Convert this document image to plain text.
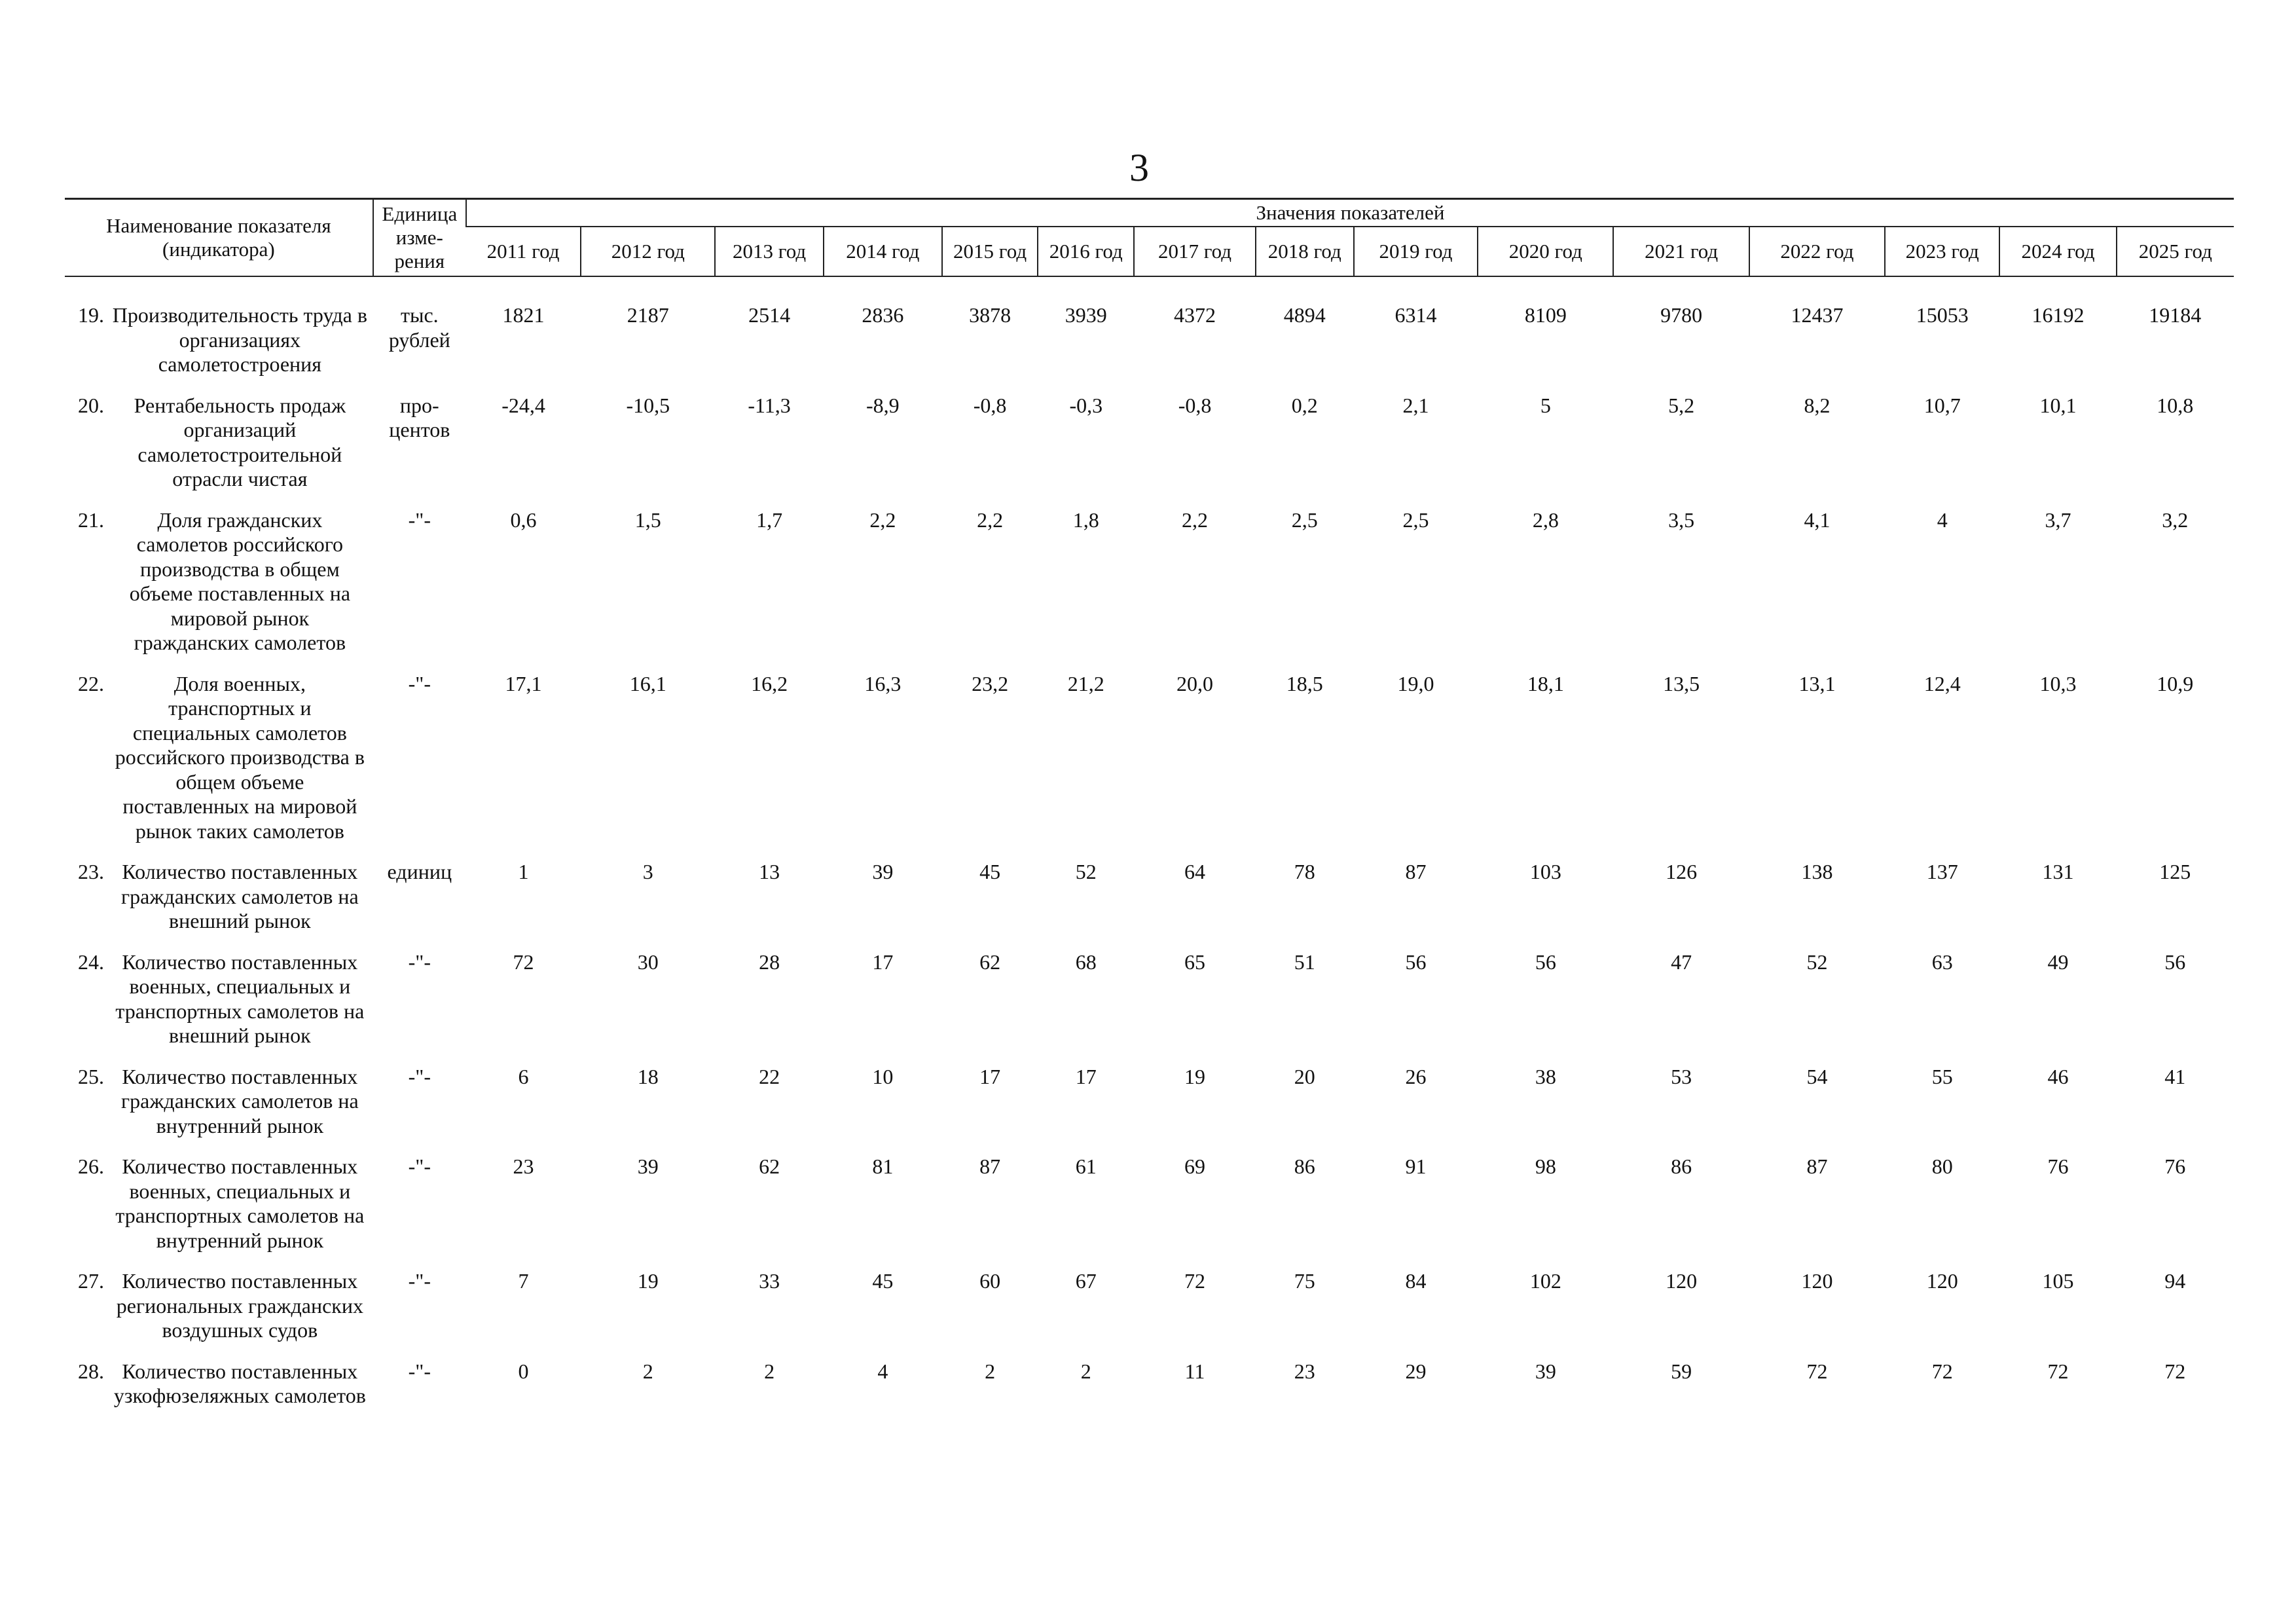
3
Наименование показателя (индикатора)	Единица изме- рения	Значения показателей														
		2011 год	2012 год	2013 год	2014 год	2015 год	2016 год	2017 год	2018 год	2019 год	2020 год	2021 год	2022 год	2023 год	2024 год	2025 год

19. Производительность труда в организациях самолетостроения	тыс. рублей	1821	2187	2514	2836	3878	3939	4372	4894	6314	8109	9780	12437	15053	16192	19184

20. Рентабельность продаж организаций самолетостроительной отрасли чистая	про- центов	-24,4	-10,5	-11,3	-8,9	-0,8	-0,3	-0,8	0,2	2,1	5	5,2	8,2	10,7	10,1	10,8

21. Доля гражданских самолетов российского производства в общем объеме поставленных на мировой рынок гражданских самолетов	-"-	0,6	1,5	1,7	2,2	2,2	1,8	2,2	2,5	2,5	2,8	3,5	4,1	4	3,7	3,2

22. Доля военных, транспортных и специальных самолетов российского производства в общем объеме поставленных на мировой рынок таких самолетов	-"-	17,1	16,1	16,2	16,3	23,2	21,2	20,0	18,5	19,0	18,1	13,5	13,1	12,4	10,3	10,9

23. Количество поставленных гражданских самолетов на внешний рынок	единиц	1	3	13	39	45	52	64	78	87	103	126	138	137	131	125

24. Количество поставленных военных, специальных и транспортных самолетов на внешний рынок	-"-	72	30	28	17	62	68	65	51	56	56	47	52	63	49	56

25. Количество поставленных гражданских самолетов на внутренний рынок	-"-	6	18	22	10	17	17	19	20	26	38	53	54	55	46	41

26. Количество поставленных военных, специальных и транспортных самолетов на внутренний рынок	-"-	23	39	62	81	87	61	69	86	91	98	86	87	80	76	76

27. Количество поставленных региональных гражданских воздушных судов	-"-	7	19	33	45	60	67	72	75	84	102	120	120	120	105	94

28. Количество поставленных узкофюзеляжных самолетов	-"-	0	2	2	4	2	2	11	23	29	39	59	72	72	72	72
